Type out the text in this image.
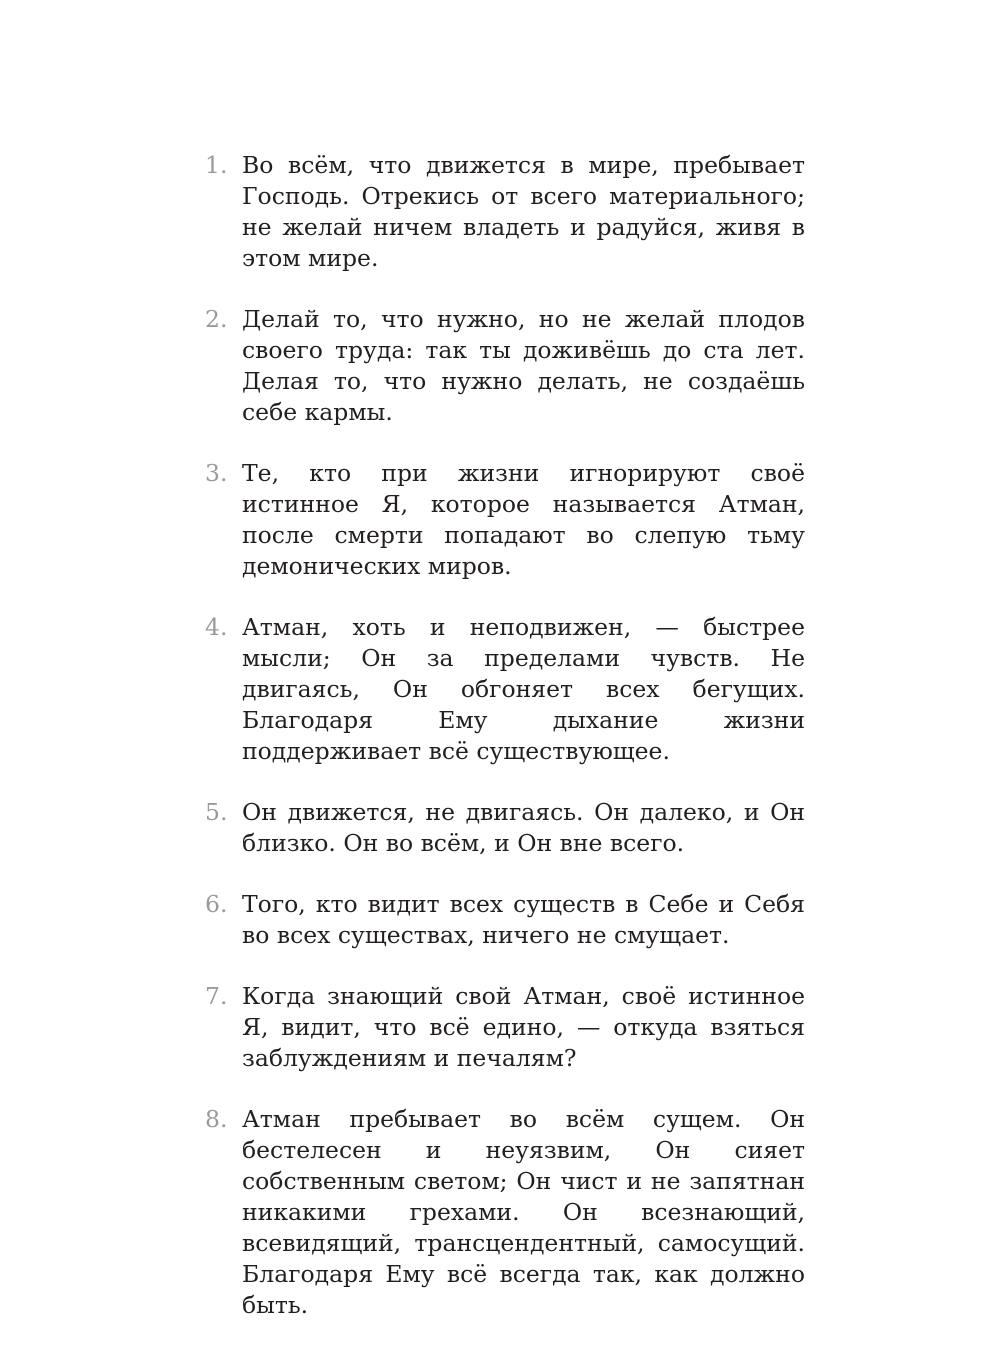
1. Во всём, что движется в мире, пребывает Господь. Отрекись от всего материального; не желай ничем владеть и радуйся, живя в этом мире.
2. Делай то, что нужно, но не желай плодов своего труда: так ты доживёшь до ста лет. Делая то, что нужно делать, не создаёшь себе кармы.
3. Те, кто при жизни игнорируют своё истинное Я, которое называется Атман, после смерти попадают во слепую тьму демонических миров.
4. Атман, хоть и неподвижен, — быстрее мысли; Он за пределами чувств. Не двигаясь, Он обгоняет всех бегущих. Благодаря Ему дыхание жизни поддерживает всё существующее.
5. Он движется, не двигаясь. Он далеко, и Он близко. Он во всём, и Он вне всего.
6. Того, кто видит всех существ в Себе и Себя во всех существах, ничего не смущает.
7. Когда знающий свой Атман, своё истинное Я, видит, что всё едино, — откуда взяться заблуждениям и печалям?
8. Атман пребывает во всём сущем. Он бестелесен и неуязвим, Он сияет собственным светом; Он чист и не запятнан никакими грехами. Он всезнающий, всевидящий, трансцендентный, самосущий. Благодаря Ему всё всегда так, как должно быть.
